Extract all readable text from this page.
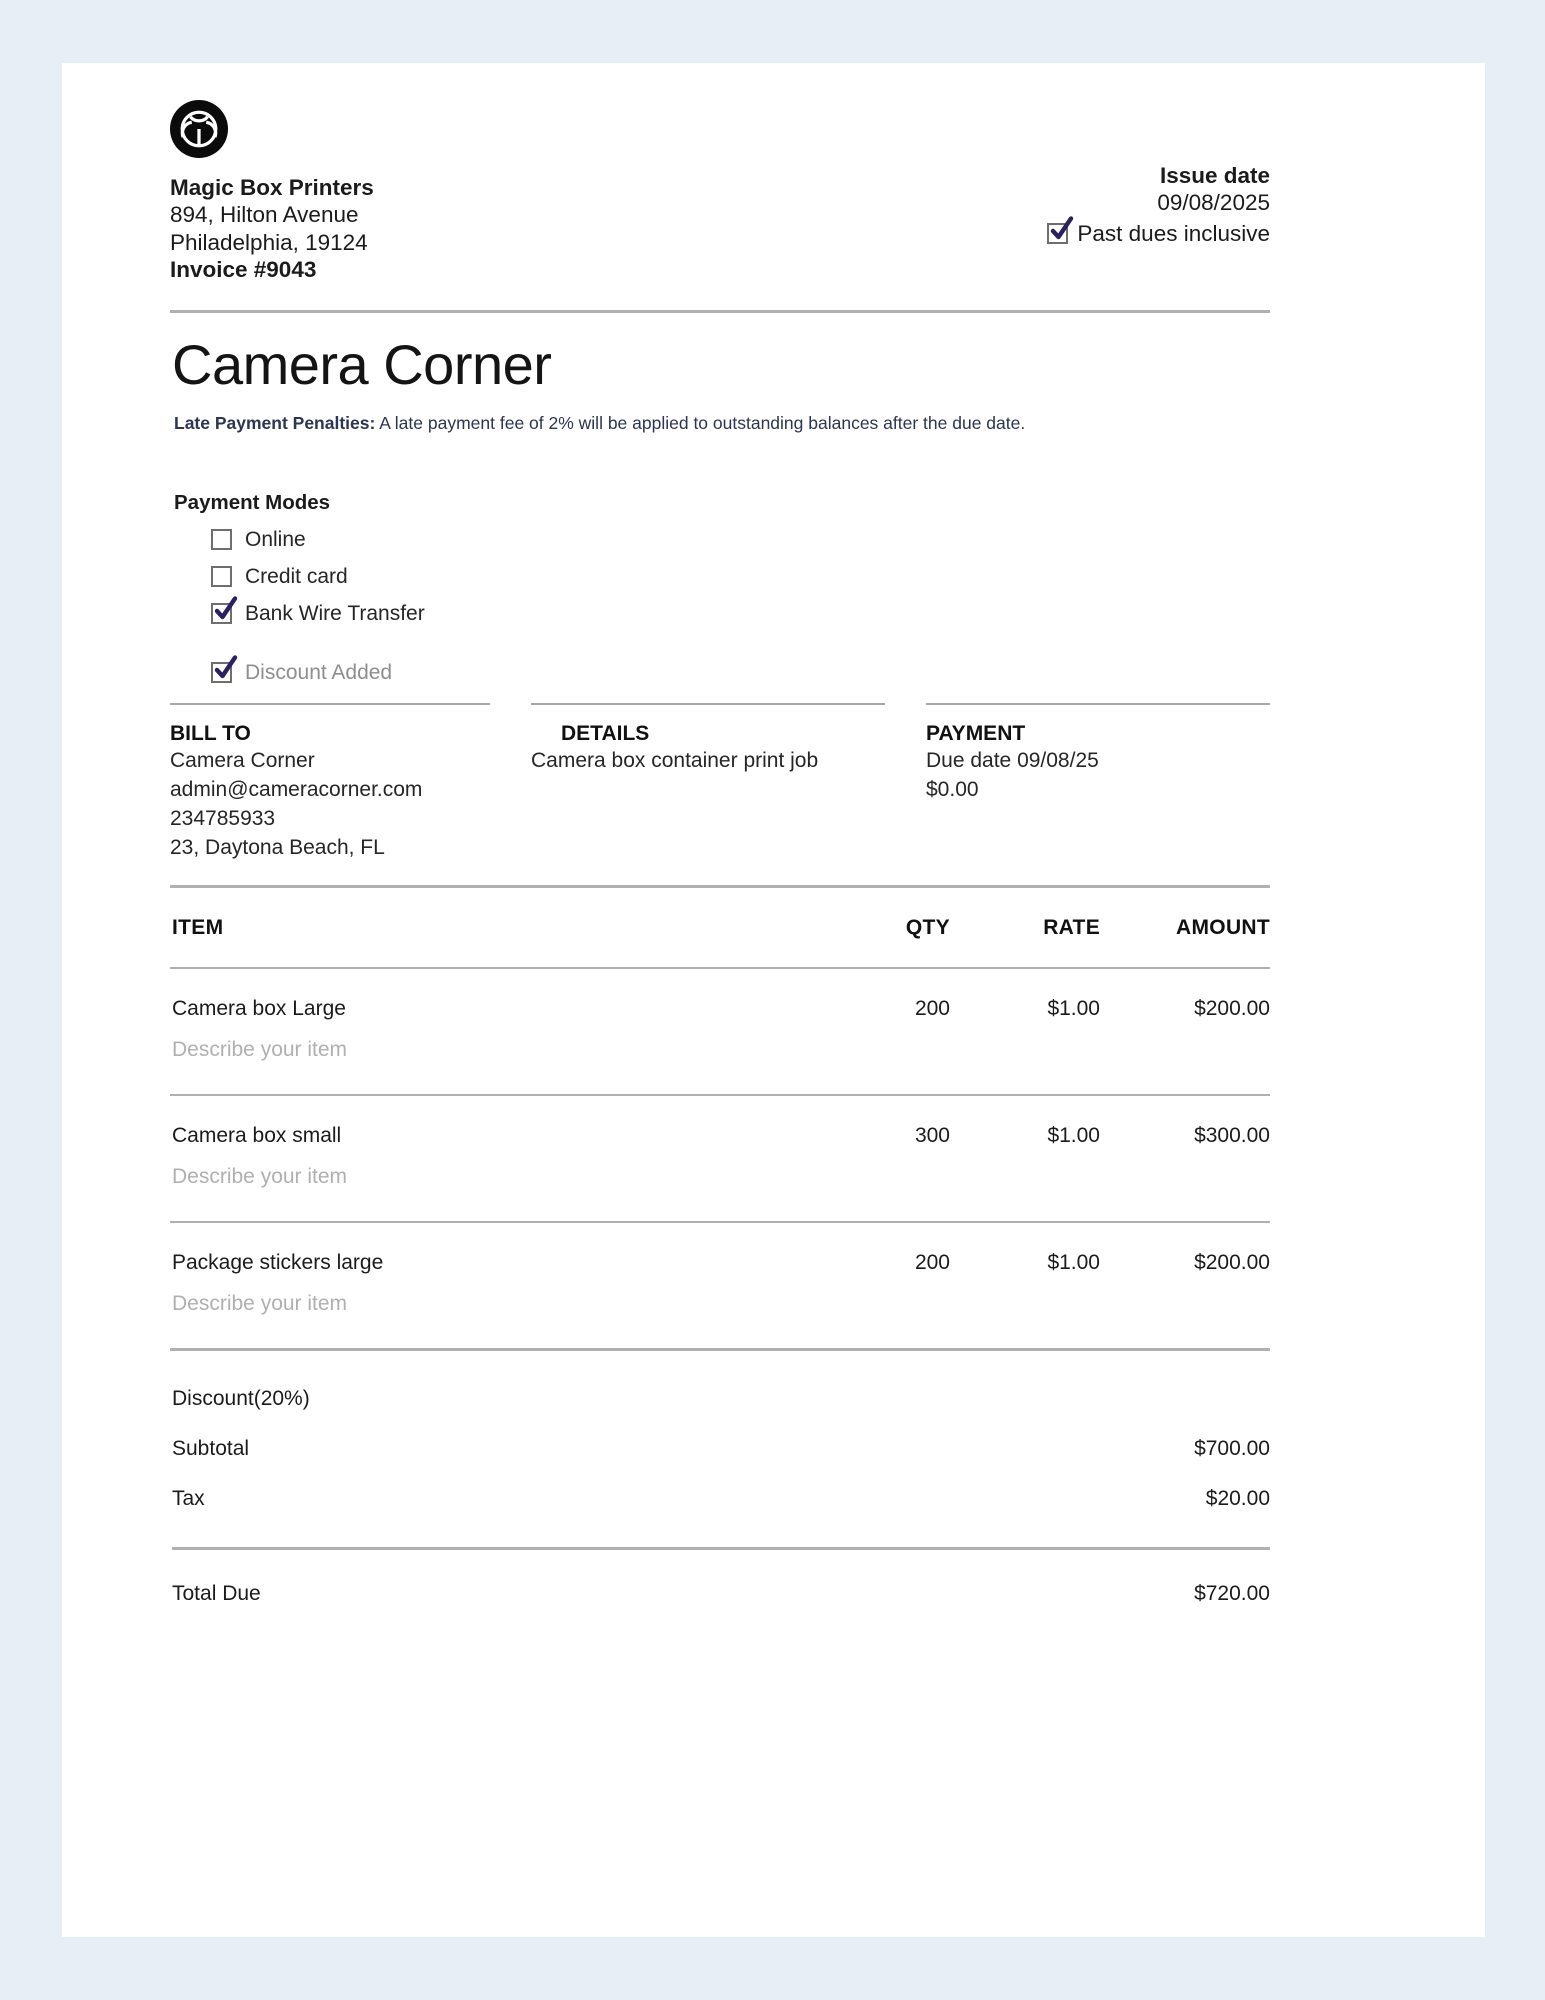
Magic Box Printers
894, Hilton Avenue
Philadelphia, 19124
Invoice #9043
Issue date
09/08/2025
Past dues inclusive
Camera Corner
Late Payment Penalties: A late payment fee of 2% will be applied to outstanding balances after the due date.
Payment Modes
Online
Credit card
Bank Wire Transfer
Discount Added
BILL TO
Camera Corner
admin@cameracorner.com
234785933
23, Daytona Beach, FL
DETAILS
Camera box container print job
PAYMENT
Due date 09/08/25
$0.00
ITEM	QTY	RATE	AMOUNT
Camera box Large	200	$1.00	$200.00
Describe your item
Camera box small	300	$1.00	$300.00
Describe your item
Package stickers large	200	$1.00	$200.00
Describe your item
Discount(20%)
Subtotal	$700.00
Tax	$20.00
Total Due	$720.00
